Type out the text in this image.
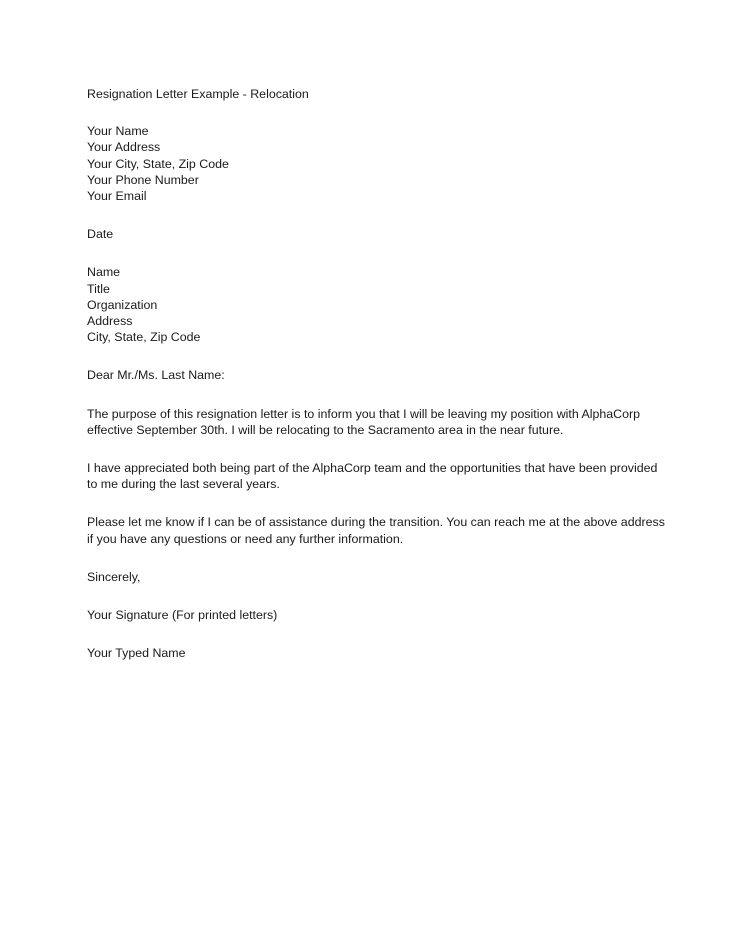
Resignation Letter Example - Relocation
Your Name
Your Address
Your City, State, Zip Code
Your Phone Number
Your Email
Date
Name
Title
Organization
Address
City, State, Zip Code
Dear Mr./Ms. Last Name:
The purpose of this resignation letter is to inform you that I will be leaving my position with AlphaCorp
effective September 30th. I will be relocating to the Sacramento area in the near future.
I have appreciated both being part of the AlphaCorp team and the opportunities that have been provided
to me during the last several years.
Please let me know if I can be of assistance during the transition. You can reach me at the above address
if you have any questions or need any further information.
Sincerely,
Your Signature (For printed letters)
Your Typed Name
